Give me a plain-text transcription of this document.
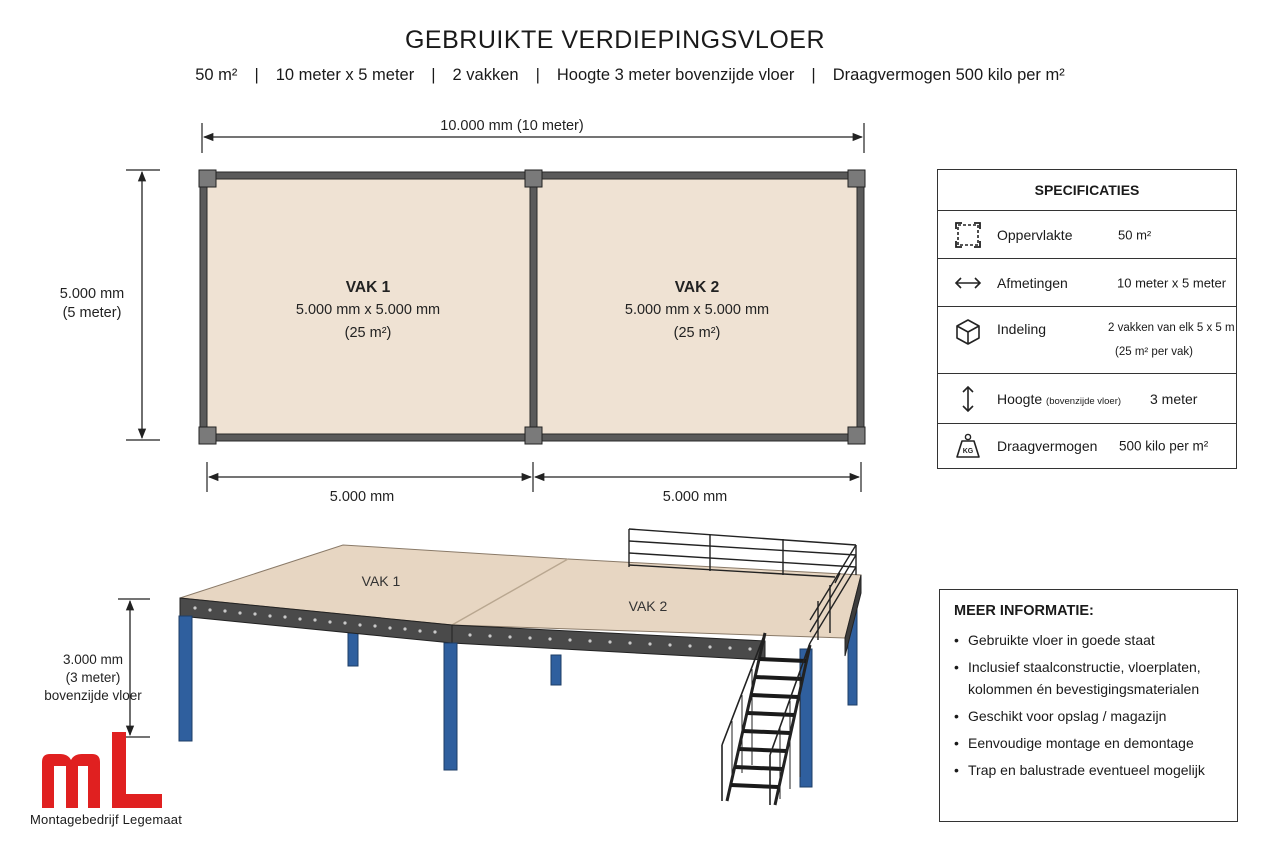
GEBRUIKTE VERDIEPINGSVLOER
50 m² | 10 meter x 5 meter | 2 vakken | Hoogte 3 meter bovenzijde vloer | Draagvermogen 500 kilo per m²
10.000 mm (10 meter)
5.000 mm
(5 meter)
VAK 1
5.000 mm x 5.000 mm
(25 m²)
VAK 2
5.000 mm x 5.000 mm
(25 m²)
5.000 mm	5.000 mm
SPECIFICATIES
Oppervlakte	50 m²
Afmetingen	10 meter x 5 meter
Indeling	2 vakken van elk 5 x 5 m
(25 m² per vak)
Hoogte (bovenzijde vloer) 3 meter
KG Draagvermogen 500 kilo per m²
3.000 mm
(3 meter)
bovenzijde vloer
VAK 1
VAK 2	MEER INFORMATIE:
• Gebruikte vloer in goede staat
• Inclusief staalconstructie, vloerplaten, kolommen én bevestigingsmaterialen
• Geschikt voor opslag / magazijn
• Eenvoudige montage en demontage
• Trap en balustrade eventueel mogelijk
Montagebedrijf Legemaat
